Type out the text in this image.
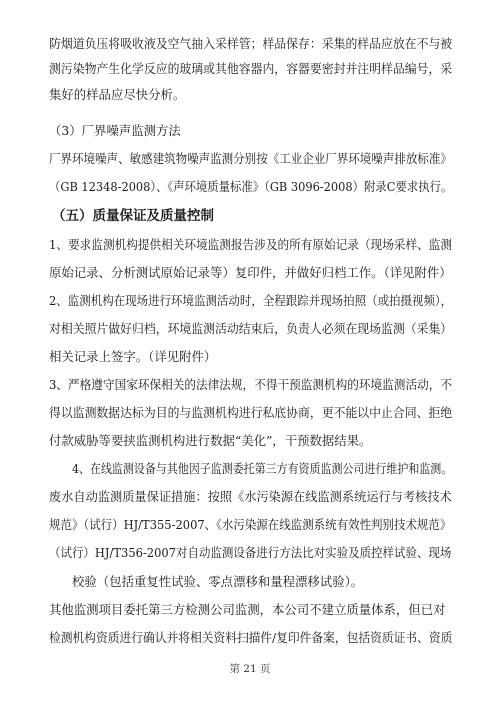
防烟道负压将吸收液及空气抽入采样管；样品保存：采集的样品应放在不与被
测污染物产生化学反应的玻璃或其他容器内，容器要密封并注明样品编号，采
集好的样品应尽快分析。
（3）厂界噪声监测方法
厂界环境噪声、敏感建筑物噪声监测分别按《工业企业厂界环境噪声排放标准》
（GB 12348-2008）、《声环境质量标准》（GB 3096-2008）附录C要求执行。
（五）质量保证及质量控制
1、要求监测机构提供相关环境监测报告涉及的所有原始记录（现场采样、监测
原始记录、分析测试原始记录等）复印件，并做好归档工作。（详见附件）
2、监测机构在现场进行环境监测活动时，全程跟踪并现场拍照（或拍摄视频），
对相关照片做好归档，环境监测活动结束后，负责人必须在现场监测（采集）
相关记录上签字。（详见附件）
3、严格遵守国家环保相关的法律法规，不得干预监测机构的环境监测活动，不
得以监测数据达标为目的与监测机构进行私底协商，更不能以中止合同、拒绝
付款威胁等要挟监测机构进行数据“美化”，干预数据结果。
4、在线监测设备与其他因子监测委托第三方有资质监测公司进行维护和监测。
废水自动监测质量保证措施：按照《水污染源在线监测系统运行与考核技术
规范》（试行）HJ/T355-2007、《水污染源在线监测系统有效性判别技术规范》
（试行）HJ/T356-2007对自动监测设备进行方法比对实验及质控样试验、现场
校验（包括重复性试验、零点漂移和量程漂移试验）。
其他监测项目委托第三方检测公司监测，本公司不建立质量体系，但已对
检测机构资质进行确认并将相关资料扫描件/复印件备案，包括资质证书、资质
第 21 页
